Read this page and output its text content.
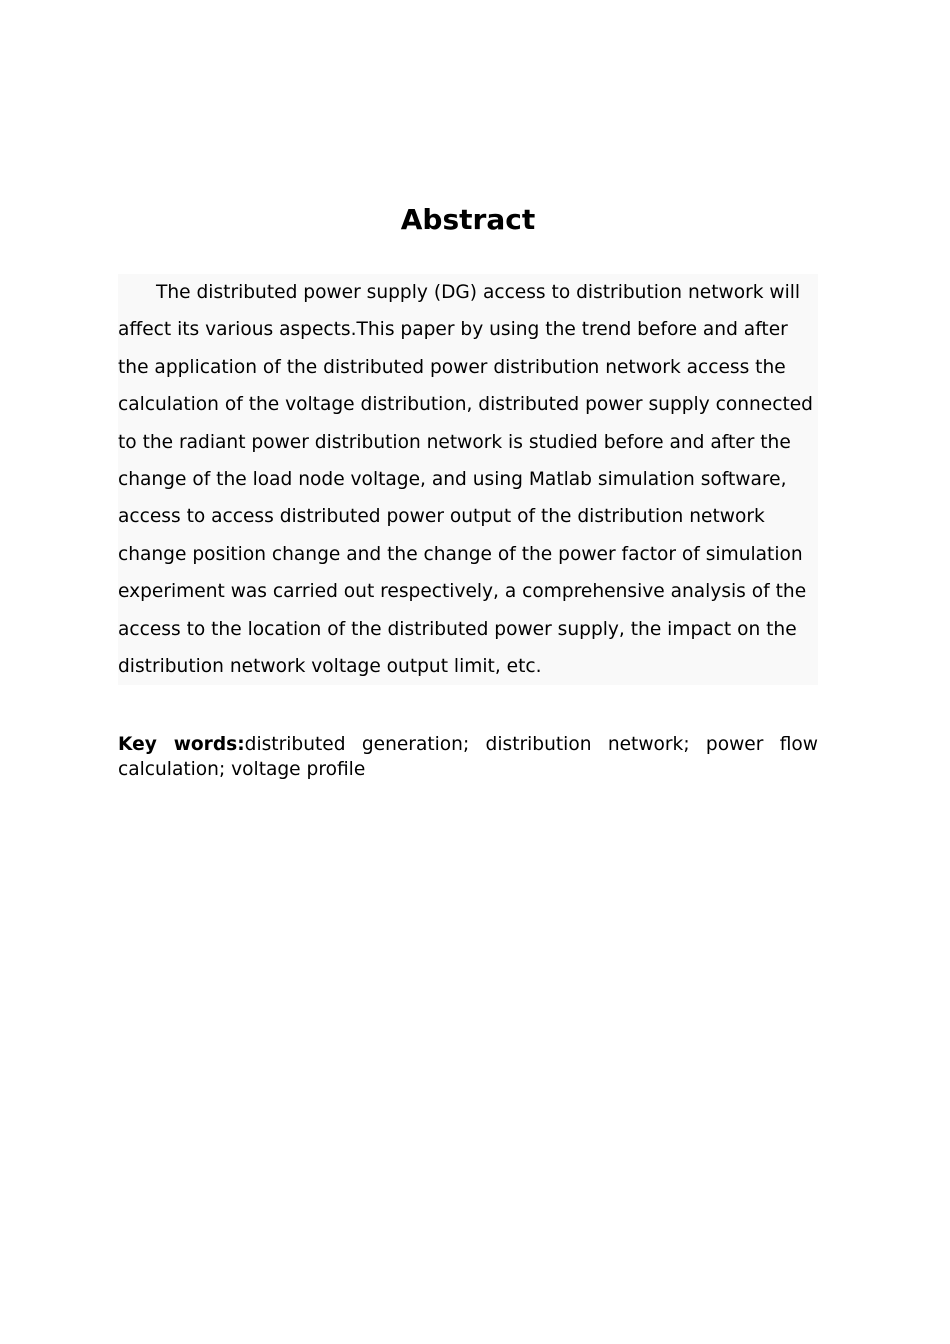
Abstract

The distributed power supply (DG) access to distribution network will affect its various aspects.This paper by using the trend before and after the application of the distributed power distribution network access the calculation of the voltage distribution, distributed power supply connected to the radiant power distribution network is studied before and after the change of the load node voltage, and using Matlab simulation software, access to access distributed power output of the distribution network change position change and the change of the power factor of simulation experiment was carried out respectively, a comprehensive analysis of the access to the location of the distributed power supply, the impact on the distribution network voltage output limit, etc.

Key words:distributed generation; distribution network; power flow calculation; voltage profile
